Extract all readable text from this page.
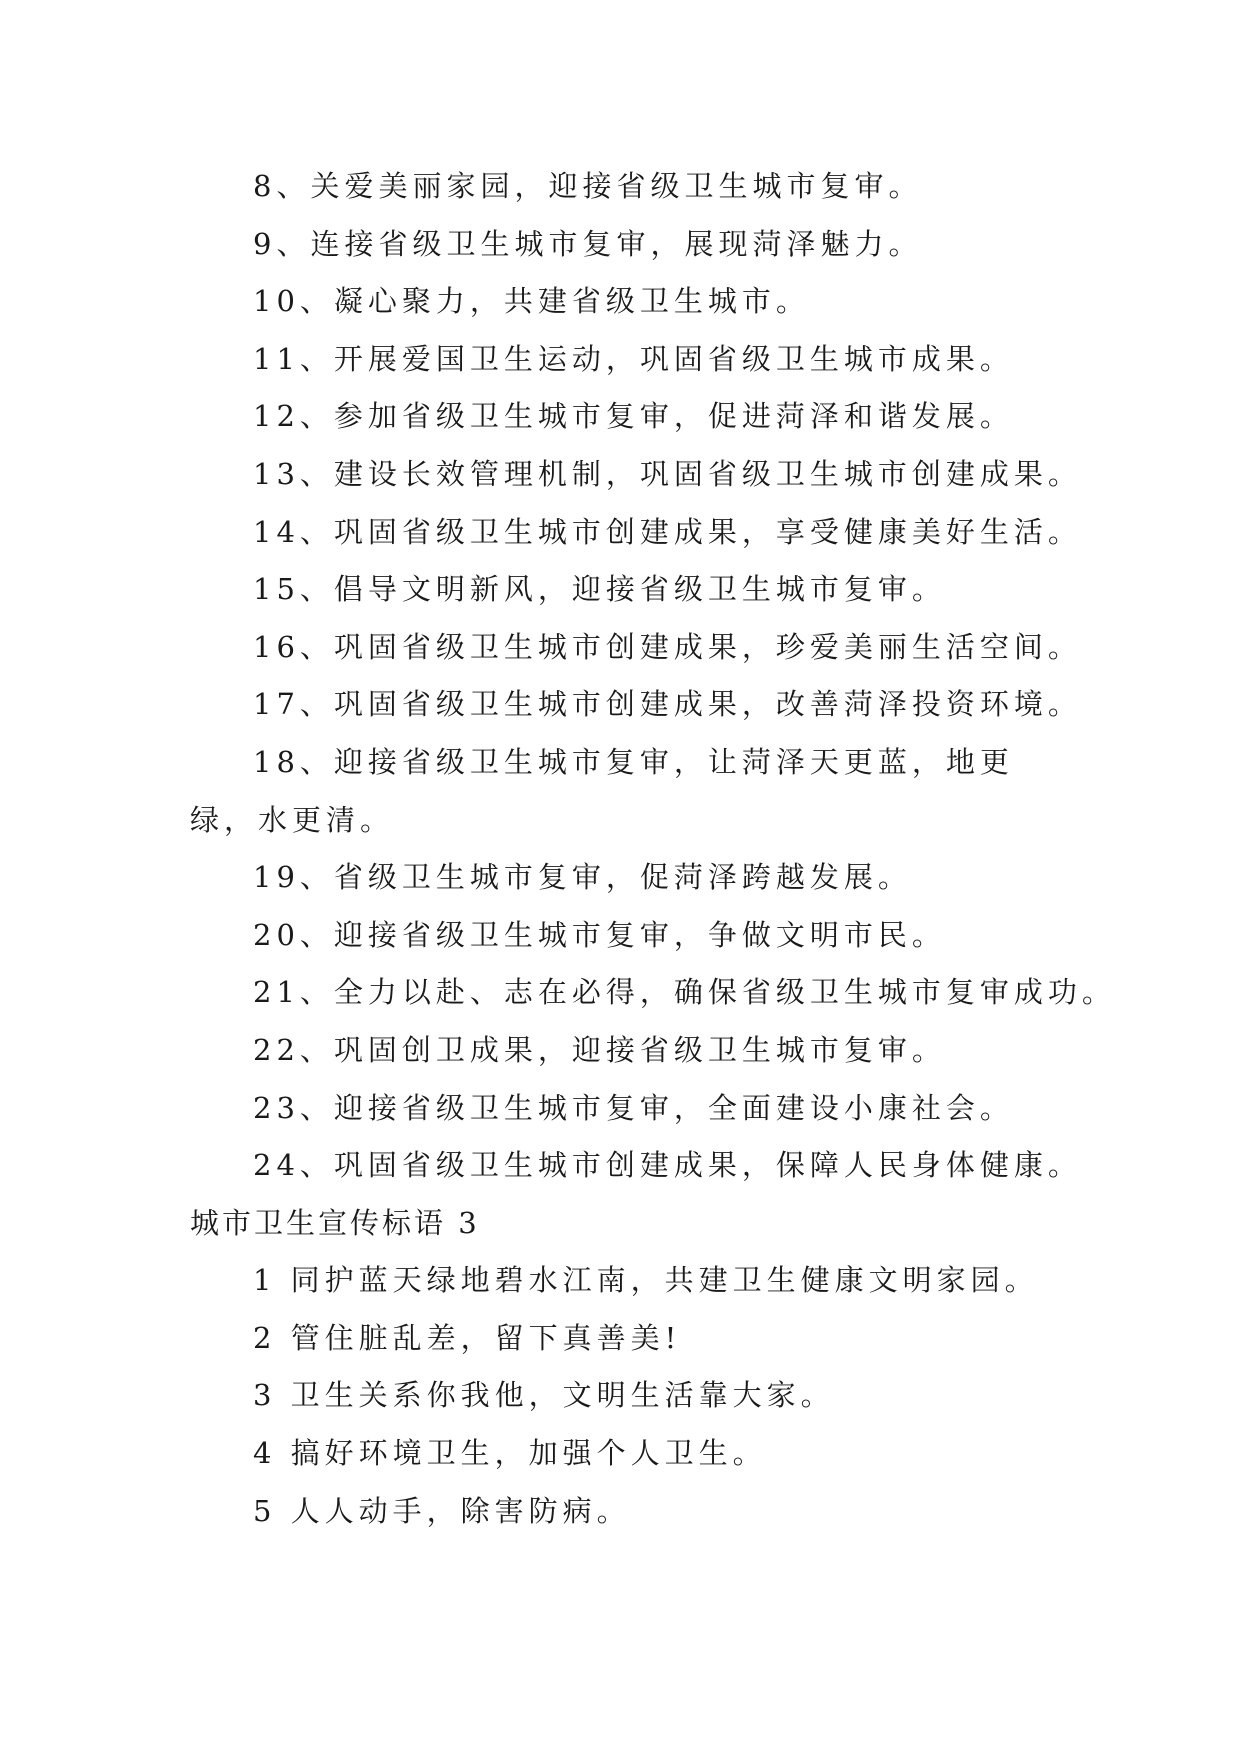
8、关爱美丽家园，迎接省级卫生城市复审。

9、连接省级卫生城市复审，展现菏泽魅力。

10、凝心聚力，共建省级卫生城市。

11、开展爱国卫生运动，巩固省级卫生城市成果。

12、参加省级卫生城市复审，促进菏泽和谐发展。

13、建设长效管理机制，巩固省级卫生城市创建成果。

14、巩固省级卫生城市创建成果，享受健康美好生活。

15、倡导文明新风，迎接省级卫生城市复审。

16、巩固省级卫生城市创建成果，珍爱美丽生活空间。

17、巩固省级卫生城市创建成果，改善菏泽投资环境。

18、迎接省级卫生城市复审，让菏泽天更蓝，地更绿，水更清。

19、省级卫生城市复审，促菏泽跨越发展。

20、迎接省级卫生城市复审，争做文明市民。

21、全力以赴、志在必得，确保省级卫生城市复审成功。

22、巩固创卫成果，迎接省级卫生城市复审。

23、迎接省级卫生城市复审，全面建设小康社会。

24、巩固省级卫生城市创建成果，保障人民身体健康。

城市卫生宣传标语 3

1 同护蓝天绿地碧水江南，共建卫生健康文明家园。

2 管住脏乱差，留下真善美!

3 卫生关系你我他，文明生活靠大家。

4 搞好环境卫生，加强个人卫生。

5 人人动手，除害防病。
